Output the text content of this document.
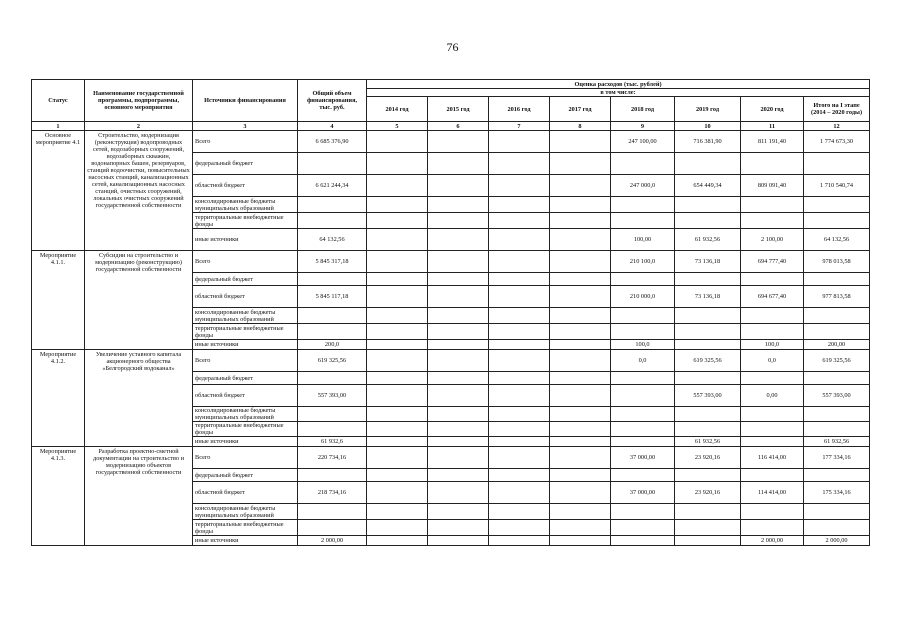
76
Статус	Наименование государственной программы, подпрограммы, основного мероприятия	Источники финансирования	Общий объем финансирования, тыс. руб.	Оценка расходов (тыс. рублей)							
				в том числе:							
				2014 год	2015 год	2016 год	2017 год	2018 год	2019 год	2020 год	Итого на I этапе (2014 – 2020 годы)
1	2	3	4	5	6	7	8	9	10	11	12
Основное мероприятие 4.1	Строительство, модернизация (реконструкция) водопроводных сетей, водозаборных сооружений, водозаборных скважин, водонапорных башен, резервуаров, станций водоочистки, повысительных насосных станций, канализационных сетей, канализационных насосных станций, очистных сооружений, локальных очистных сооружений государственной собственности	Всего	6 685 376,90					247 100,00	716 381,90	811 191,40	1 774 673,30
		федеральный бюджет									
		областной бюджет	6 621 244,34					247 000,0	654 449,34	809 091,40	1 710 540,74
		консолидированные бюджеты муниципальных образований									
		территориальные внебюджетные фонды									
		иные источники	64 132,56					100,00	61 932,56	2 100,00	64 132,56
Мероприятие 4.1.1.	Субсидии на строительство и модернизацию (реконструкцию) государственной собственности	Всего	5 845 317,18					210 100,0	73 136,18	694 777,40	978 013,58
		федеральный бюджет									
		областной бюджет	5 845 117,18					210 000,0	73 136,18	694 677,40	977 813,58
		консолидированные бюджеты муниципальных образований									
		территориальные внебюджетные фонды									
		иные источники	200,0					100,0		100,0	200,00
Мероприятие 4.1.2.	Увеличение уставного капитала акционерного общества «Белгородский водоканал»	Всего	619 325,56					0,0	619 325,56	0,0	619 325,56
		федеральный бюджет									
		областной бюджет	557 393,00						557 393,00	0,00	557 393,00
		консолидированные бюджеты муниципальных образований									
		территориальные внебюджетные фонды									
		иные источники	61 932,6						61 932,56		61 932,56
Мероприятие 4.1.3.	Разработка проектно-сметной документации на строительство и модернизацию объектов государственной собственности	Всего	220 734,16					37 000,00	23 920,16	116 414,00	177 334,16
		федеральный бюджет									
		областной бюджет	218 734,16					37 000,00	23 920,16	114 414,00	175 334,16
		консолидированные бюджеты муниципальных образований									
		территориальные внебюджетные фонды									
		иные источники	2 000,00							2 000,00	2 000,00
